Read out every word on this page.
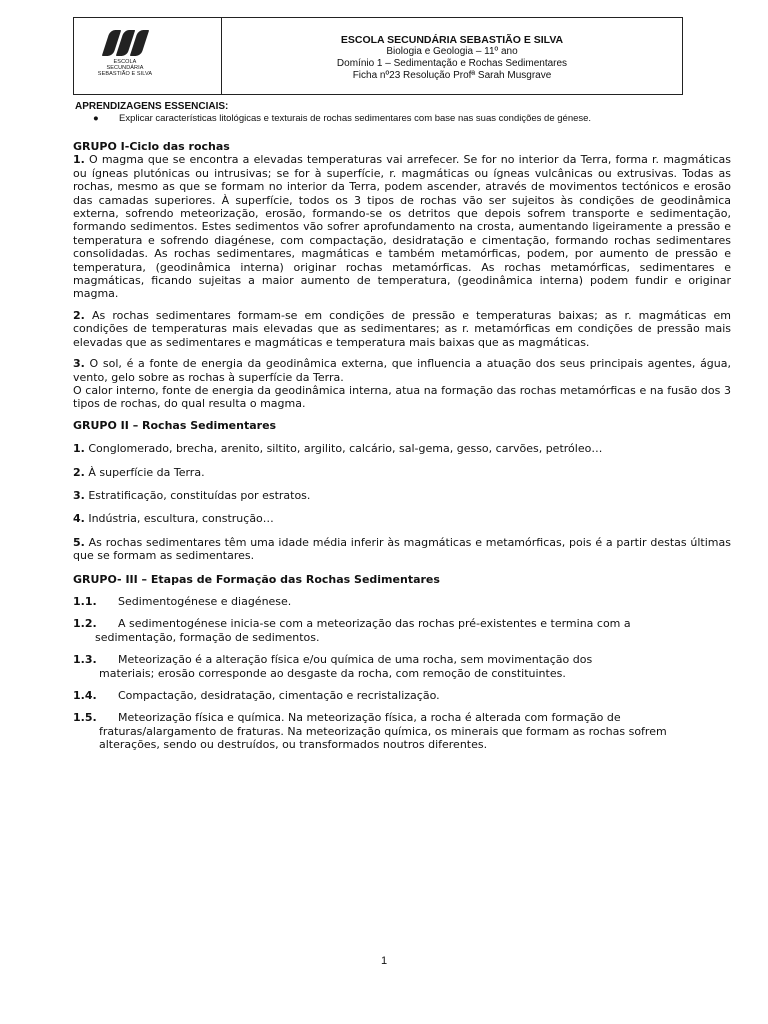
ESCOLA SECUNDÁRIA
SEBASTIÃO E SILVA
ESCOLA SECUNDÁRIA SEBASTIÃO E SILVA
Biologia e Geologia – 11º ano
Domínio 1 – Sedimentação e Rochas Sedimentares
Ficha nº23 Resolução Profª Sarah Musgrave
APRENDIZAGENS ESSENCIAIS:
● Explicar características litológicas e texturais de rochas sedimentares com base nas suas condições de génese.

GRUPO I-Ciclo das rochas

1. O magma que se encontra a elevadas temperaturas vai arrefecer. Se for no interior da Terra, forma r. magmáticas ou ígneas plutónicas ou intrusivas; se for à superfície, r. magmáticas ou ígneas vulcânicas ou extrusivas. Todas as rochas, mesmo as que se formam no interior da Terra, podem ascender, através de movimentos tectónicos e erosão das camadas superiores. À superfície, todos os 3 tipos de rochas vão ser sujeitos às condições de geodinâmica externa, sofrendo meteorização, erosão, formando-se os detritos que depois sofrem transporte e sedimentação, formando sedimentos. Estes sedimentos vão sofrer aprofundamento na crosta, aumentando ligeiramente a pressão e temperatura e sofrendo diagénese, com compactação, desidratação e cimentação, formando rochas sedimentares consolidadas. As rochas sedimentares, magmáticas e também metamórficas, podem, por aumento de pressão e temperatura, (geodinâmica interna) originar rochas metamórficas. As rochas metamórficas, sedimentares e magmáticas, ficando sujeitas a maior aumento de temperatura, (geodinâmica interna) podem fundir e originar magma.

2. As rochas sedimentares formam-se em condições de pressão e temperaturas baixas; as r. magmáticas em condições de temperaturas mais elevadas que as sedimentares; as r. metamórficas em condições de pressão mais elevadas que as sedimentares e magmáticas e temperatura mais baixas que as magmáticas.

3. O sol, é a fonte de energia da geodinâmica externa, que influencia a atuação dos seus principais agentes, água, vento, gelo sobre as rochas à superfície da Terra.

O calor interno, fonte de energia da geodinâmica interna, atua na formação das rochas metamórficas e na fusão dos 3 tipos de rochas, do qual resulta o magma.

GRUPO II – Rochas Sedimentares

1. Conglomerado, brecha, arenito, siltito, argilito, calcário, sal-gema, gesso, carvões, petróleo…

2. À superfície da Terra.

3. Estratificação, constituídas por estratos.

4. Indústria, escultura, construção…

5. As rochas sedimentares têm uma idade média inferir às magmáticas e metamórficas, pois é a partir destas últimas que se formam as sedimentares.

GRUPO- III – Etapas de Formação das Rochas Sedimentares

1.1. Sedimentogénese e diagénese.
1.2. A sedimentogénese inicia-se com a meteorização das rochas pré-existentes e termina com a
sedimentação, formação de sedimentos.
1.3. Meteorização é a alteração física e/ou química de uma rocha, sem movimentação dos
materiais; erosão corresponde ao desgaste da rocha, com remoção de constituintes.
1.4. Compactação, desidratação, cimentação e recristalização.
1.5. Meteorização física e química. Na meteorização física, a rocha é alterada com formação de
fraturas/alargamento de fraturas. Na meteorização química, os minerais que formam as rochas sofrem alterações, sendo ou destruídos, ou transformados noutros diferentes.
1
